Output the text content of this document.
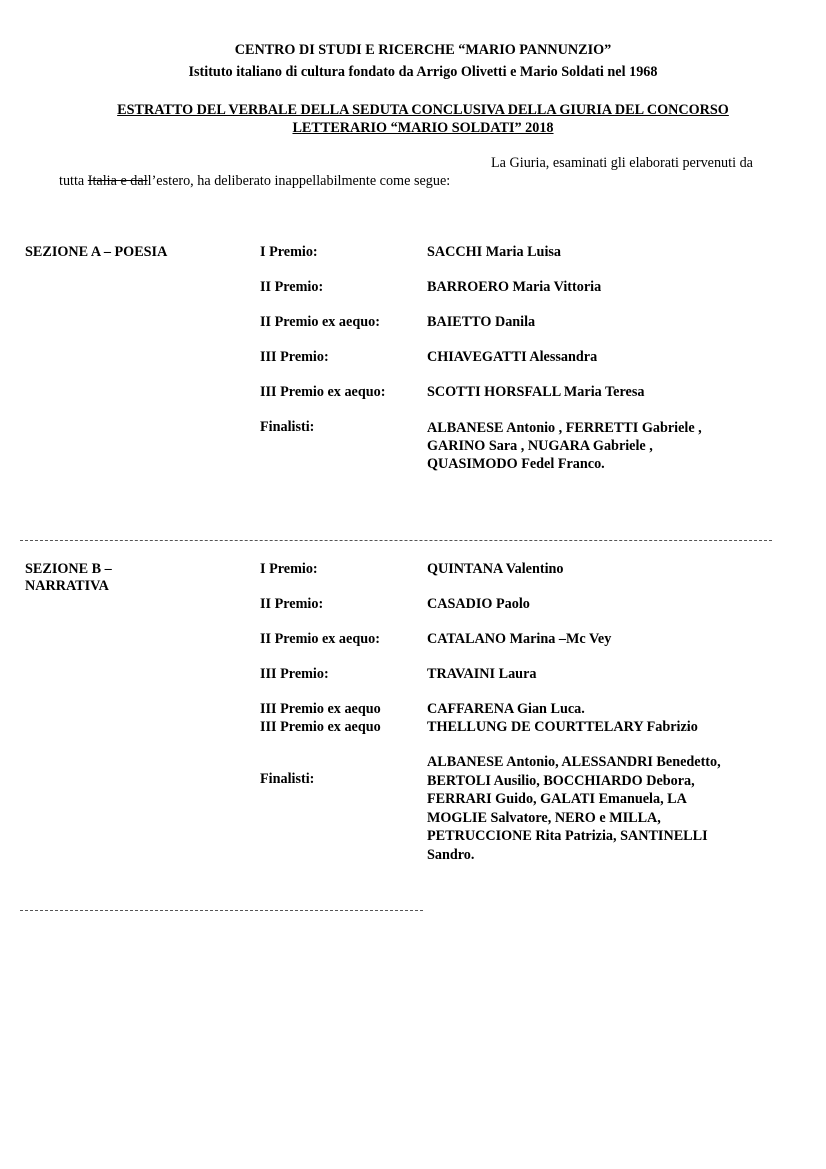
CENTRO DI STUDI E RICERCHE “MARIO PANNUNZIO”
Istituto italiano di cultura fondato da Arrigo Olivetti e Mario Soldati nel 1968
ESTRATTO DEL VERBALE DELLA SEDUTA CONCLUSIVA DELLA GIURIA DEL CONCORSO
LETTERARIO “MARIO SOLDATI” 2018
La Giuria, esaminati gli elaborati pervenuti da
tutta Italia e dall’estero, ha deliberato inappellabilmente come segue:
SEZIONE A – POESIA	I Premio:	SACCHI Maria Luisa
II Premio:	BARROERO Maria Vittoria
II Premio ex aequo:	BAIETTO Danila
III Premio:	CHIAVEGATTI Alessandra
III Premio ex aequo:	SCOTTI HORSFALL Maria Teresa
Finalisti:	ALBANESE Antonio , FERRETTI Gabriele ,
GARINO Sara , NUGARA Gabriele ,
QUASIMODO Fedel Franco.
SEZIONE B –
NARRATIVA
I Premio:	QUINTANA Valentino
II Premio:	CASADIO Paolo
II Premio ex aequo:	CATALANO Marina –Mc Vey
III Premio:	TRAVAINI Laura
III Premio ex aequo	CAFFARENA Gian Luca.
III Premio ex aequo	THELLUNG DE COURTTELARY Fabrizio
Finalisti:
ALBANESE Antonio, ALESSANDRI Benedetto,
BERTOLI Ausilio, BOCCHIARDO Debora,
FERRARI Guido, GALATI Emanuela, LA
MOGLIE Salvatore, NERO e MILLA,
PETRUCCIONE Rita Patrizia, SANTINELLI
Sandro.
